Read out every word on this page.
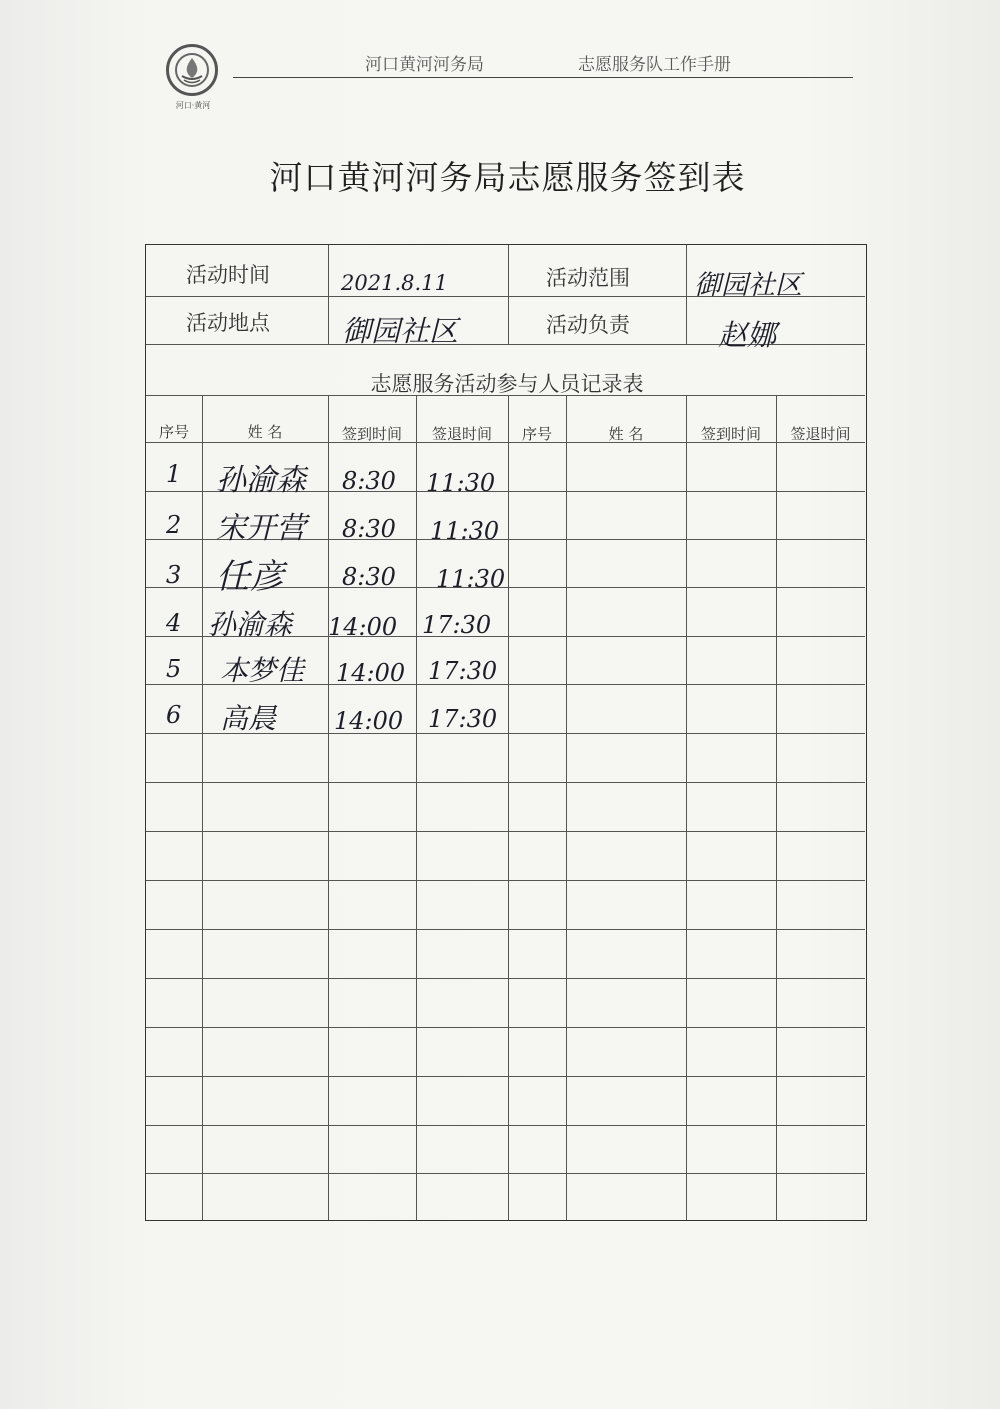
河口·黄河
河口黄河河务局	志愿服务队工作手册
河口黄河河务局志愿服务签到表
活动时间	2021.8.11	活动范围 御园社区
活动地点 御园社区	活动负责	赵娜
志愿服务活动参与人员记录表
序号	姓 名	签到时间	签退时间	序号	姓 名	签到时间	签退时间
1 孙渝森 8:30 11:30
2 宋开营 8:30 11:30
3 任彦 8:30 11:30
4 孙渝森 14:00 17:30
5 本梦佳 14:00 17:30
6 高晨 14:00 17:30
